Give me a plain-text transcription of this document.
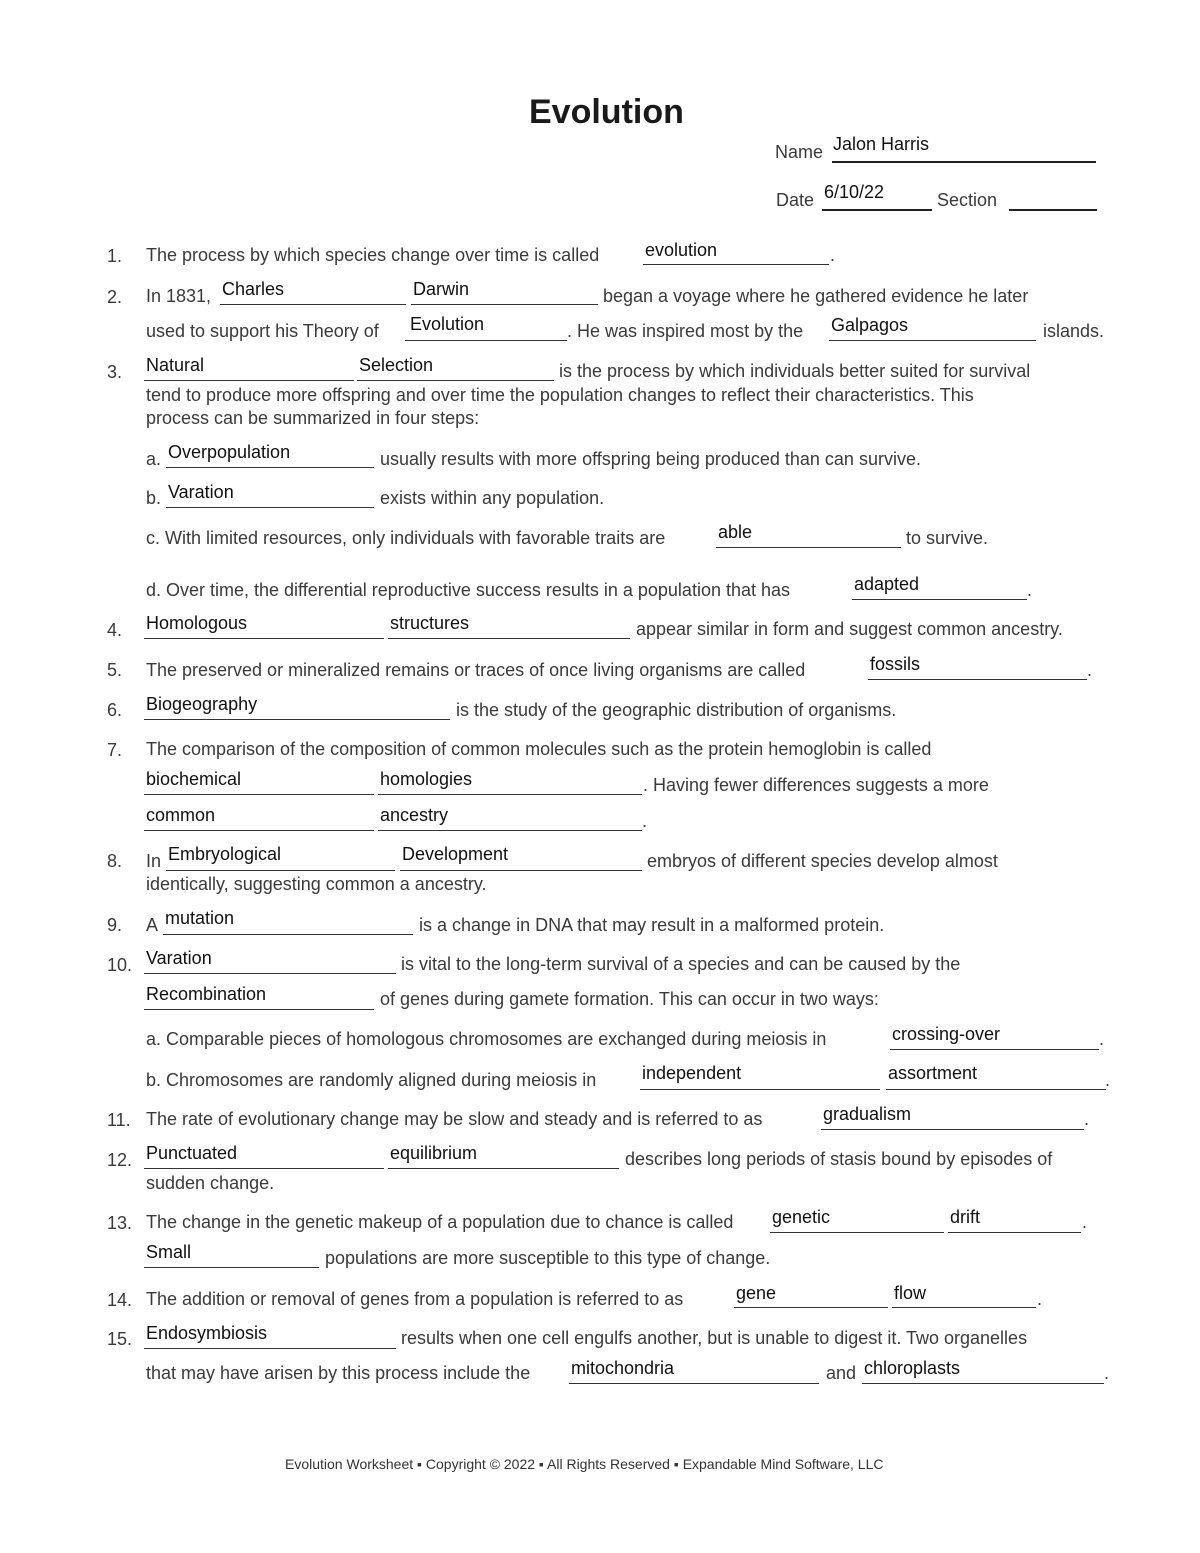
Evolution
Name Jalon Harris
Date 6/10/22	Section
1.
2.
3.
4.
5.
6.
7.
8.
9.
10.
11.
12.
13.
14.
15.
The process by which species change over time is called	evolution	.
In 1831, Charles	Darwin	began a voyage where he gathered evidence he later
used to support his Theory of Evolution	. He was inspired most by the Galpagos	islands.
Natural	Selection	is the process by which individuals better suited for survival
tend to produce more offspring and over time the population changes to reflect their characteristics. This
process can be summarized in four steps:
a. Overpopulation	usually results with more offspring being produced than can survive.
b. Varation	exists within any population.
c. With limited resources, only individuals with favorable traits are	able	to survive.
d. Over time, the differential reproductive success results in a population that has	adapted	.
Homologous	structures	appear similar in form and suggest common ancestry.
The preserved or mineralized remains or traces of once living organisms are called	fossils	.
Biogeography	is the study of the geographic distribution of organisms.
The comparison of the composition of common molecules such as the protein hemoglobin is called
biochemical	homologies	. Having fewer differences suggests a more
common	ancestry	.
In Embryological	Development	embryos of different species develop almost
identically, suggesting common a ancestry.
A mutation	is a change in DNA that may result in a malformed protein.
Varation	is vital to the long-term survival of a species and can be caused by the
Recombination	of genes during gamete formation. This can occur in two ways:
a. Comparable pieces of homologous chromosomes are exchanged during meiosis in	crossing-over	.
b. Chromosomes are randomly aligned during meiosis in	independent	assortment	.
The rate of evolutionary change may be slow and steady and is referred to as	gradualism	.
Punctuated	equilibrium	describes long periods of stasis bound by episodes of
sudden change.
The change in the genetic makeup of a population due to chance is called genetic	drift	.
Small	populations are more susceptible to this type of change.
The addition or removal of genes from a population is referred to as	gene	flow	.
Endosymbiosis	results when one cell engulfs another, but is unable to digest it. Two organelles
that may have arisen by this process include the mitochondria	and chloroplasts	.
Evolution Worksheet ▪ Copyright © 2022 ▪ All Rights Reserved ▪ Expandable Mind Software, LLC
